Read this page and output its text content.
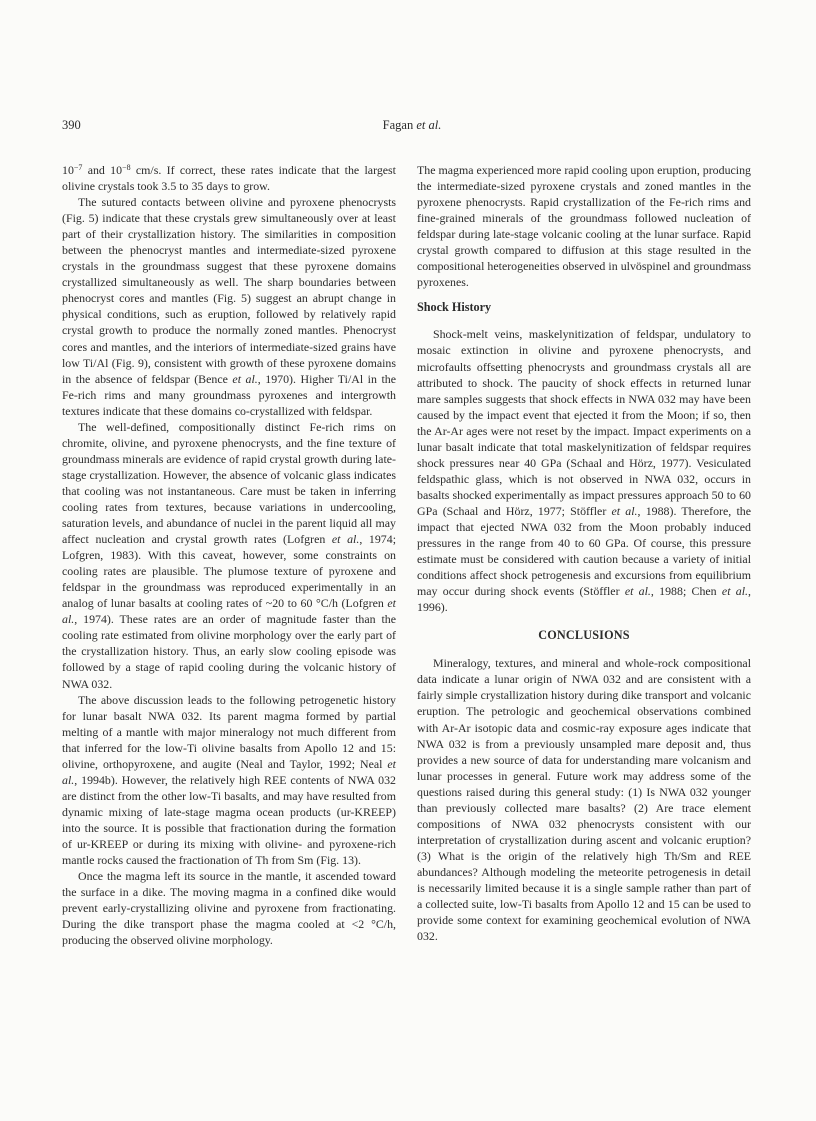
390	Fagan et al.

$10^{-7}$ and $10^{-8}$ cm/s. If correct, these rates indicate that the largest olivine crystals took 3.5 to 35 days to grow.

The sutured contacts between olivine and pyroxene phenocrysts (Fig. 5) indicate that these crystals grew simultaneously over at least part of their crystallization history. The similarities in composition between the phenocryst mantles and intermediate-sized pyroxene crystals in the groundmass suggest that these pyroxene domains crystallized simultaneously as well. The sharp boundaries between phenocryst cores and mantles (Fig. 5) suggest an abrupt change in physical conditions, such as eruption, followed by relatively rapid crystal growth to produce the normally zoned mantles. Phenocryst cores and mantles, and the interiors of intermediate-sized grains have low Ti/Al (Fig. 9), consistent with growth of these pyroxene domains in the absence of feldspar (Bence et al., 1970). Higher Ti/Al in the Fe-rich rims and many groundmass pyroxenes and intergrowth textures indicate that these domains co-crystallized with feldspar.

The well-defined, compositionally distinct Fe-rich rims on chromite, olivine, and pyroxene phenocrysts, and the fine texture of groundmass minerals are evidence of rapid crystal growth during late-stage crystallization. However, the absence of volcanic glass indicates that cooling was not instantaneous. Care must be taken in inferring cooling rates from textures, because variations in undercooling, saturation levels, and abundance of nuclei in the parent liquid all may affect nucleation and crystal growth rates (Lofgren et al., 1974; Lofgren, 1983). With this caveat, however, some constraints on cooling rates are plausible. The plumose texture of pyroxene and feldspar in the groundmass was reproduced experimentally in an analog of lunar basalts at cooling rates of ~20 to 60 °C/h (Lofgren et al., 1974). These rates are an order of magnitude faster than the cooling rate estimated from olivine morphology over the early part of the crystallization history. Thus, an early slow cooling episode was followed by a stage of rapid cooling during the volcanic history of NWA 032.

The above discussion leads to the following petrogenetic history for lunar basalt NWA 032. Its parent magma formed by partial melting of a mantle with major mineralogy not much different from that inferred for the low-Ti olivine basalts from Apollo 12 and 15: olivine, orthopyroxene, and augite (Neal and Taylor, 1992; Neal et al., 1994b). However, the relatively high REE contents of NWA 032 are distinct from the other low-Ti basalts, and may have resulted from dynamic mixing of late-stage magma ocean products (ur-KREEP) into the source. It is possible that fractionation during the formation of ur-KREEP or during its mixing with olivine- and pyroxene-rich mantle rocks caused the fractionation of Th from Sm (Fig. 13).

Once the magma left its source in the mantle, it ascended toward the surface in a dike. The moving magma in a confined dike would prevent early-crystallizing olivine and pyroxene from fractionating. During the dike transport phase the magma cooled at <2 °C/h, producing the observed olivine morphology.

The magma experienced more rapid cooling upon eruption, producing the intermediate-sized pyroxene crystals and zoned mantles in the pyroxene phenocrysts. Rapid crystallization of the Fe-rich rims and fine-grained minerals of the groundmass followed nucleation of feldspar during late-stage volcanic cooling at the lunar surface. Rapid crystal growth compared to diffusion at this stage resulted in the compositional heterogeneities observed in ulvöspinel and groundmass pyroxenes.

Shock History

Shock-melt veins, maskelynitization of feldspar, undulatory to mosaic extinction in olivine and pyroxene phenocrysts, and microfaults offsetting phenocrysts and groundmass crystals all are attributed to shock. The paucity of shock effects in returned lunar mare samples suggests that shock effects in NWA 032 may have been caused by the impact event that ejected it from the Moon; if so, then the Ar-Ar ages were not reset by the impact. Impact experiments on a lunar basalt indicate that total maskelynitization of feldspar requires shock pressures near 40 GPa (Schaal and Hörz, 1977). Vesiculated feldspathic glass, which is not observed in NWA 032, occurs in basalts shocked experimentally as impact pressures approach 50 to 60 GPa (Schaal and Hörz, 1977; Stöffler et al., 1988). Therefore, the impact that ejected NWA 032 from the Moon probably induced pressures in the range from 40 to 60 GPa. Of course, this pressure estimate must be considered with caution because a variety of initial conditions affect shock petrogenesis and excursions from equilibrium may occur during shock events (Stöffler et al., 1988; Chen et al., 1996).

CONCLUSIONS

Mineralogy, textures, and mineral and whole-rock compositional data indicate a lunar origin of NWA 032 and are consistent with a fairly simple crystallization history during dike transport and volcanic eruption. The petrologic and geochemical observations combined with Ar-Ar isotopic data and cosmic-ray exposure ages indicate that NWA 032 is from a previously unsampled mare deposit and, thus provides a new source of data for understanding mare volcanism and lunar processes in general. Future work may address some of the questions raised during this general study: (1) Is NWA 032 younger than previously collected mare basalts? (2) Are trace element compositions of NWA 032 phenocrysts consistent with our interpretation of crystallization during ascent and volcanic eruption? (3) What is the origin of the relatively high Th/Sm and REE abundances? Although modeling the meteorite petrogenesis in detail is necessarily limited because it is a single sample rather than part of a collected suite, low-Ti basalts from Apollo 12 and 15 can be used to provide some context for examining geochemical evolution of NWA 032.
